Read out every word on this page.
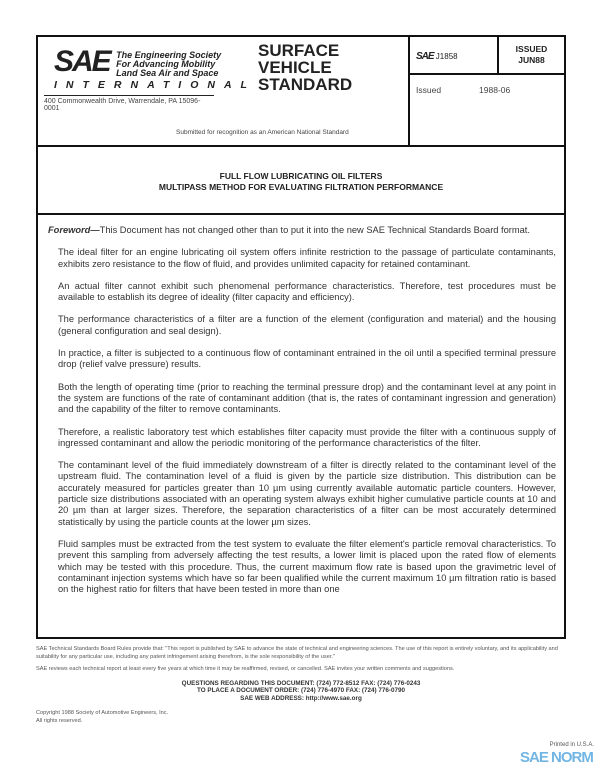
SAE The Engineering Society
For Advancing Mobility
Land Sea Air and Space
INTERNATIONAL
400 Commonwealth Drive, Warrendale, PA 15096-0001
SURFACE
VEHICLE
STANDARD
Submitted for recognition as an American National Standard
SAE J1858
ISSUED
JUN88
Issued	1988-06
FULL FLOW LUBRICATING OIL FILTERS
MULTIPASS METHOD FOR EVALUATING FILTRATION PERFORMANCE

Foreword—This Document has not changed other than to put it into the new SAE Technical Standards Board format.

The ideal filter for an engine lubricating oil system offers infinite restriction to the passage of particulate contaminants, exhibits zero resistance to the flow of fluid, and provides unlimited capacity for retained contaminant.

An actual filter cannot exhibit such phenomenal performance characteristics. Therefore, test procedures must be available to establish its degree of ideality (filter capacity and efficiency).

The performance characteristics of a filter are a function of the element (configuration and material) and the housing (general configuration and seal design).

In practice, a filter is subjected to a continuous flow of contaminant entrained in the oil until a specified terminal pressure drop (relief valve pressure) results.

Both the length of operating time (prior to reaching the terminal pressure drop) and the contaminant level at any point in the system are functions of the rate of contaminant addition (that is, the rates of contaminant ingression and generation) and the capability of the filter to remove contaminants.

Therefore, a realistic laboratory test which establishes filter capacity must provide the filter with a continuous supply of ingressed contaminant and allow the periodic monitoring of the performance characteristics of the filter.

The contaminant level of the fluid immediately downstream of a filter is directly related to the contaminant level of the upstream fluid. The contamination level of a fluid is given by the particle size distribution. This distribution can be accurately measured for particles greater than 10 µm using currently available automatic particle counters. However, particle size distributions associated with an operating system always exhibit higher cumulative particle counts at 10 and 20 µm than at larger sizes. Therefore, the separation characteristics of a filter can be most accurately determined statistically by using the particle counts at the lower µm sizes.

Fluid samples must be extracted from the test system to evaluate the filter element's particle removal characteristics. To prevent this sampling from adversely affecting the test results, a lower limit is placed upon the rated flow of elements which may be tested with this procedure. Thus, the current maximum flow rate is based upon the gravimetric level of contaminant injection systems which have so far been qualified while the current maximum 10 µm filtration ratio is based on the highest ratio for filters that have been tested in more than one

SAE Technical Standards Board Rules provide that: "This report is published by SAE to advance the state of technical and engineering sciences. The use of this report is entirely voluntary, and its applicability and suitability for any particular use, including any patent infringement arising therefrom, is the sole responsibility of the user."
SAE reviews each technical report at least every five years at which time it may be reaffirmed, revised, or cancelled. SAE invites your written comments and suggestions.
QUESTIONS REGARDING THIS DOCUMENT: (724) 772-8512 FAX: (724) 776-0243
TO PLACE A DOCUMENT ORDER: (724) 776-4970 FAX: (724) 776-0790
SAE WEB ADDRESS: http://www.sae.org
Copyright 1988 Society of Automotive Engineers, Inc.
All rights reserved.
Printed in U.S.A.
SAE NORM
